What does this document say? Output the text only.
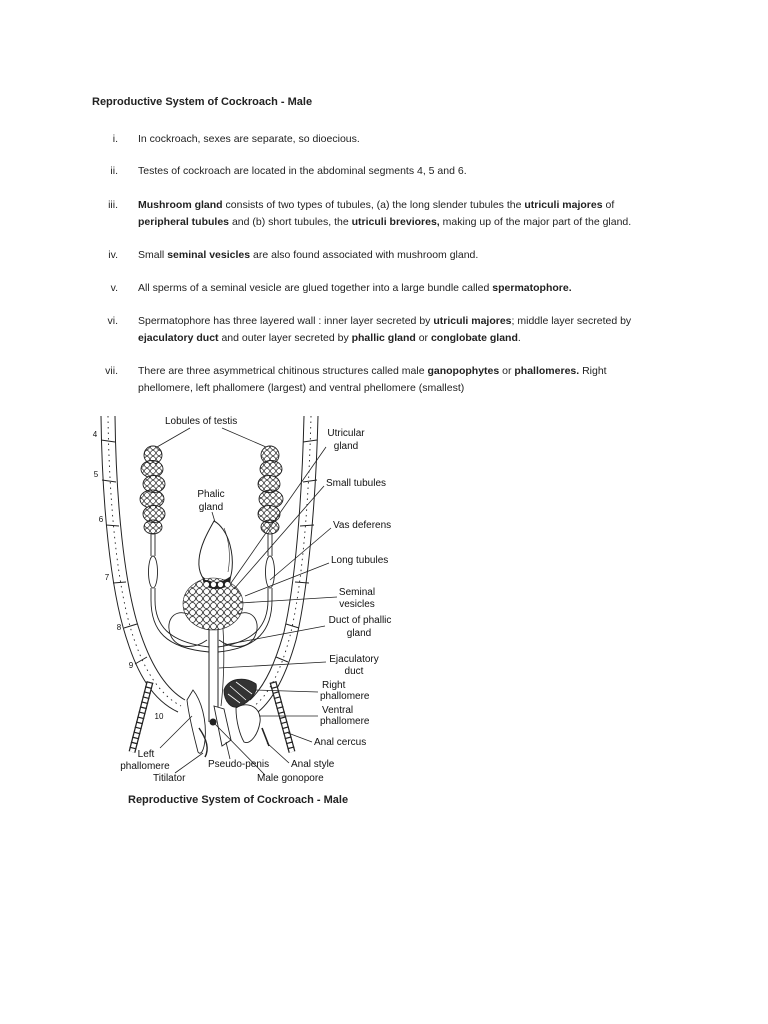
Reproductive System of Cockroach - Male
i. In cockroach, sexes are separate, so dioecious.
ii. Testes of cockroach are located in the abdominal segments 4, 5 and 6.
iii. Mushroom gland consists of two types of tubules, (a) the long slender tubules the utriculi majores of
peripheral tubules and (b) short tubules, the utriculi breviores, making up of the major part of the gland.
iv. Small seminal vesicles are also found associated with mushroom gland.
v. All sperms of a seminal vesicle are glued together into a large bundle called spermatophore.
vi. Spermatophore has three layered wall : inner layer secreted by utriculi majores; middle layer secreted by
ejaculatory duct and outer layer secreted by phallic gland or conglobate gland.
vii. There are three asymmetrical chitinous structures called male ganopophytes or phallomeres. Right
phellomere, left phallomere (largest) and ventral phellomere (smallest)
Lobules of testis
Utricular
gland
Phalic
gland
Small tubules
Vas deferens
Long tubules
Seminal
vesicles
Duct of phallic
gland
Ejaculatory
duct
Right
phallomere
Ventral
phallomere
Anal cercus
Anal style
Male gonopore
Pseudo-penis
Titilator
Left
phallomere
4
5
6
7
8
9
10
Reproductive System of Cockroach - Male
